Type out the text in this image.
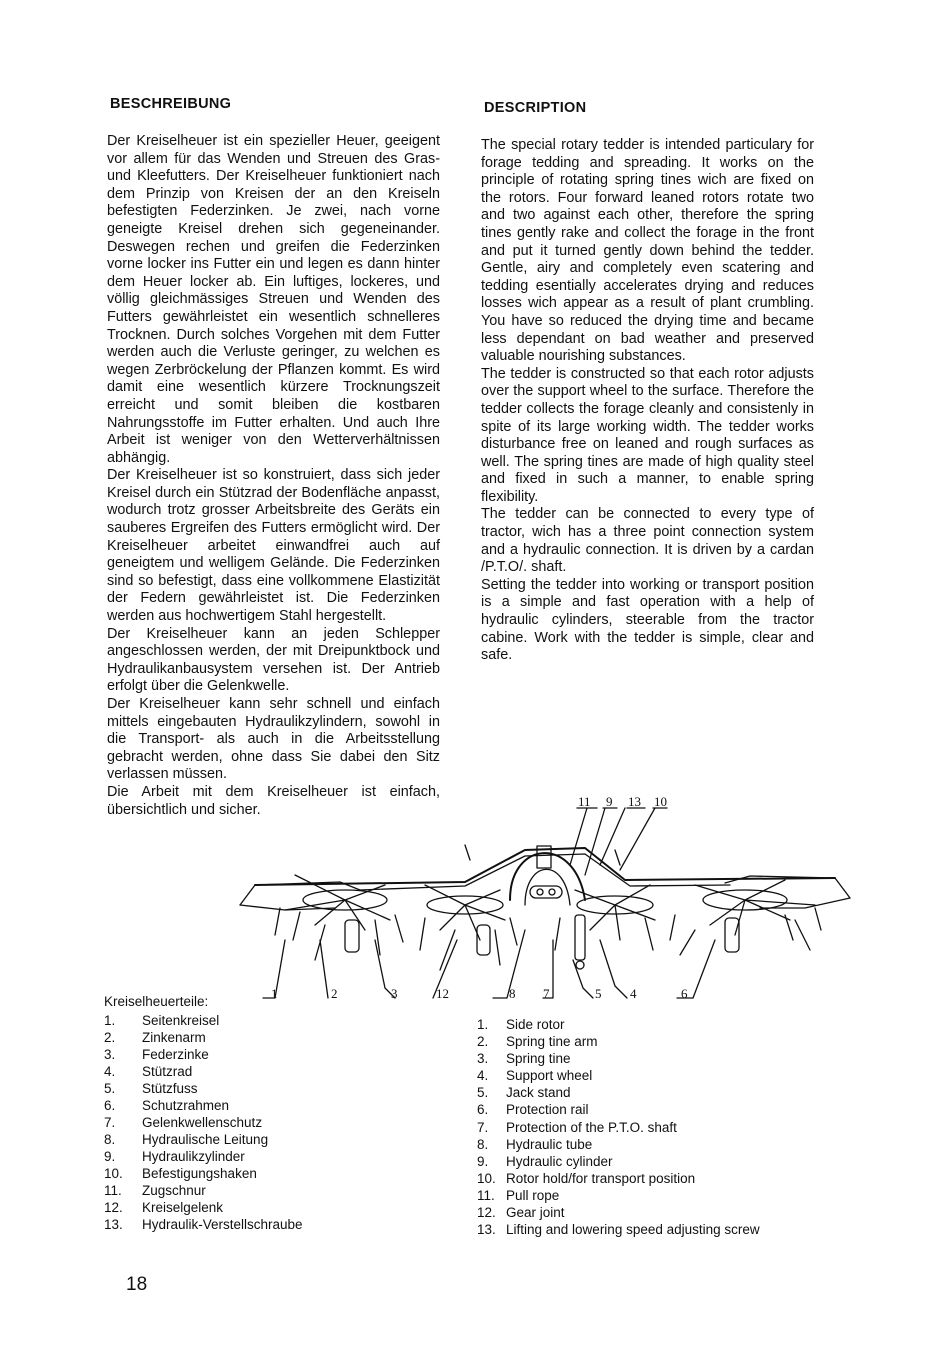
BESCHREIBUNG

Der Kreiselheuer ist ein spezieller Heuer, geeigent vor allem für das Wenden und Streuen des Gras- und Kleefutters. Der Kreiselheuer funktioniert nach dem Prinzip von Kreisen der an den Kreiseln befestigten Federzinken. Je zwei, nach vorne geneigte Kreisel drehen sich gegeneinander. Deswegen rechen und greifen die Federzinken vorne locker ins Futter ein und legen es dann hinter dem Heuer locker ab. Ein luftiges, lockeres, und völlig gleichmässiges Streuen und Wenden des Futters gewährleistet ein wesentlich schnelleres Trocknen. Durch solches Vorgehen mit dem Futter werden auch die Verluste geringer, zu welchen es wegen Zerbröckelung der Pflanzen kommt. Es wird damit eine wesentlich kürzere Trocknungszeit erreicht und somit bleiben die kostbaren Nahrungsstoffe im Futter erhalten. Und auch Ihre Arbeit ist weniger von den Wetterverhältnissen abhängig.

Der Kreiselheuer ist so konstruiert, dass sich jeder Kreisel durch ein Stützrad der Bodenfläche anpasst, wodurch trotz grosser Arbeitsbreite des Geräts ein sauberes Ergreifen des Futters ermöglicht wird. Der Kreiselheuer arbeitet einwandfrei auch auf geneigtem und welligem Gelände. Die Federzinken sind so befestigt, dass eine vollkommene Elastizität der Federn gewährleistet ist. Die Federzinken werden aus hochwertigem Stahl hergestellt.

Der Kreiselheuer kann an jeden Schlepper angeschlossen werden, der mit Dreipunktbock und Hydraulikanbausystem versehen ist. Der Antrieb erfolgt über die Gelenkwelle.

Der Kreiselheuer kann sehr schnell und einfach mittels eingebauten Hydraulikzylindern, sowohl in die Transport- als auch in die Arbeitsstellung gebracht werden, ohne dass Sie dabei den Sitz verlassen müssen.

Die Arbeit mit dem Kreiselheuer ist einfach, übersichtlich und sicher.

DESCRIPTION

The special rotary tedder is intended particulary for forage tedding and spreading. It works on the principle of rotating spring tines wich are fixed on the rotors. Four forward leaned rotors rotate two and two against each other, therefore the spring tines gently rake and collect the forage in the front and put it turned gently down behind the tedder. Gentle, airy and completely even scatering and tedding esentially accelerates drying and reduces losses wich appear as a result of plant crumbling. You have so reduced the drying time and became less dependant on bad weather and preserved valuable nourishing substances.

The tedder is constructed so that each rotor adjusts over the support wheel to the surface. Therefore the tedder collects the forage cleanly and consistenly in spite of its large working width. The tedder works disturbance free on leaned and rough surfaces as well. The spring tines are made of high quality steel and fixed in such a manner, to enable spring flexibility.

The tedder can be connected to every type of tractor, wich has a three point connection system and a hydraulic connection. It is driven by a cardan /P.T.O/. shaft.

Setting the tedder into working or transport position is a simple and fast operation with a help of hydraulic cylinders, steerable from the tractor cabine. Work with the tedder is simple, clear and safe.

11 9 13 10
1	2	3	12	8 7	5 4	6

Kreiselheuerteile:

1. Seitenkreisel
2. Zinkenarm
3. Federzinke
4. Stützrad
5. Stützfuss
6. Schutzrahmen
7. Gelenkwellenschutz
8. Hydraulische Leitung
9. Hydraulikzylinder
10. Befestigungshaken
11. Zugschnur
12. Kreiselgelenk
13. Hydraulik-Verstellschraube
1. Side rotor
2. Spring tine arm
3. Spring tine
4. Support wheel
5. Jack stand
6. Protection rail
7. Protection of the P.T.O. shaft
8. Hydraulic tube
9. Hydraulic cylinder
10. Rotor hold/for transport position
11. Pull rope
12. Gear joint
13. Lifting and lowering speed adjusting screw
18
